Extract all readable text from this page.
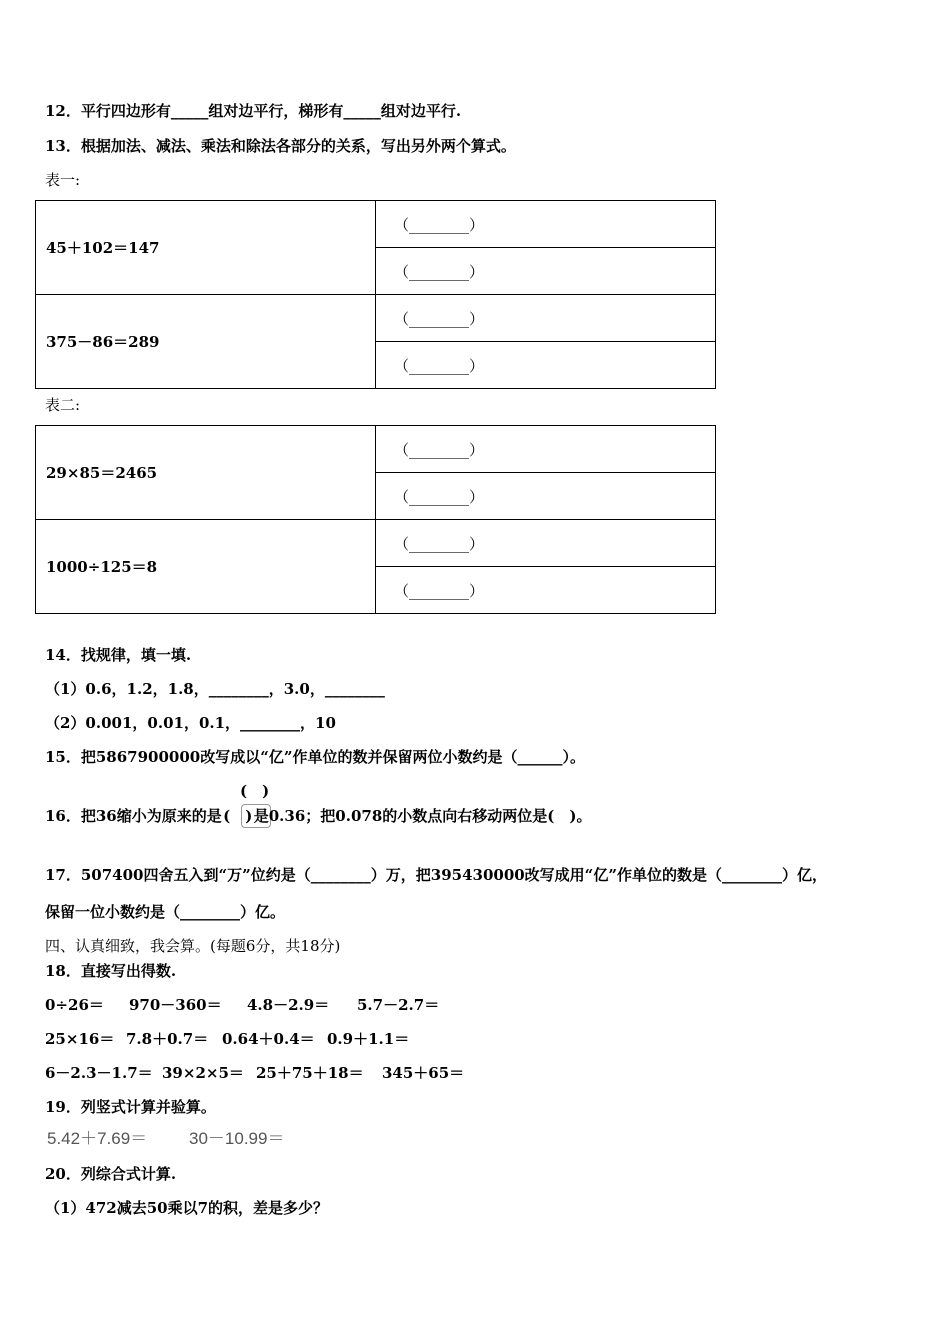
12．平行四边形有_____组对边平行，梯形有_____组对边平行.
13．根据加法、减法、乘法和除法各部分的关系，写出另外两个算式。
表一:
45＋102＝147	（________）
	（________）
375－86＝289	（________）
	（________）
表二:
29×85＝2465	（________）
	（________）
1000÷125＝8	（________）
	（________）
14．找规律，填一填.
（1）0.6，1.2，1.8，________，3.0，________
（2）0.001，0.01，0.1，________，10
15．把5867900000改写成以“亿”作单位的数并保留两位小数约是（______）。
(　)
16．把36缩小为原来的是(　)是0.36；把0.078的小数点向右移动两位是(　)。
17．507400四舍五入到“万”位约是（________）万，把395430000改写成用“亿”作单位的数是（________）亿，
保留一位小数约是（________）亿。
四、认真细致，我会算。(每题6分，共18分)
18．直接写出得数.
0÷26＝ 970－360＝ 4.8－2.9＝ 5.7－2.7＝
25×16＝ 7.8＋0.7＝ 0.64＋0.4＝ 0.9＋1.1＝
6－2.3－1.7＝ 39×2×5＝ 25＋75＋18＝ 345＋65＝
19．列竖式计算并验算。
5.42＋7.69＝ 30－10.99＝
20．列综合式计算.
（1）472减去50乘以7的积，差是多少？
